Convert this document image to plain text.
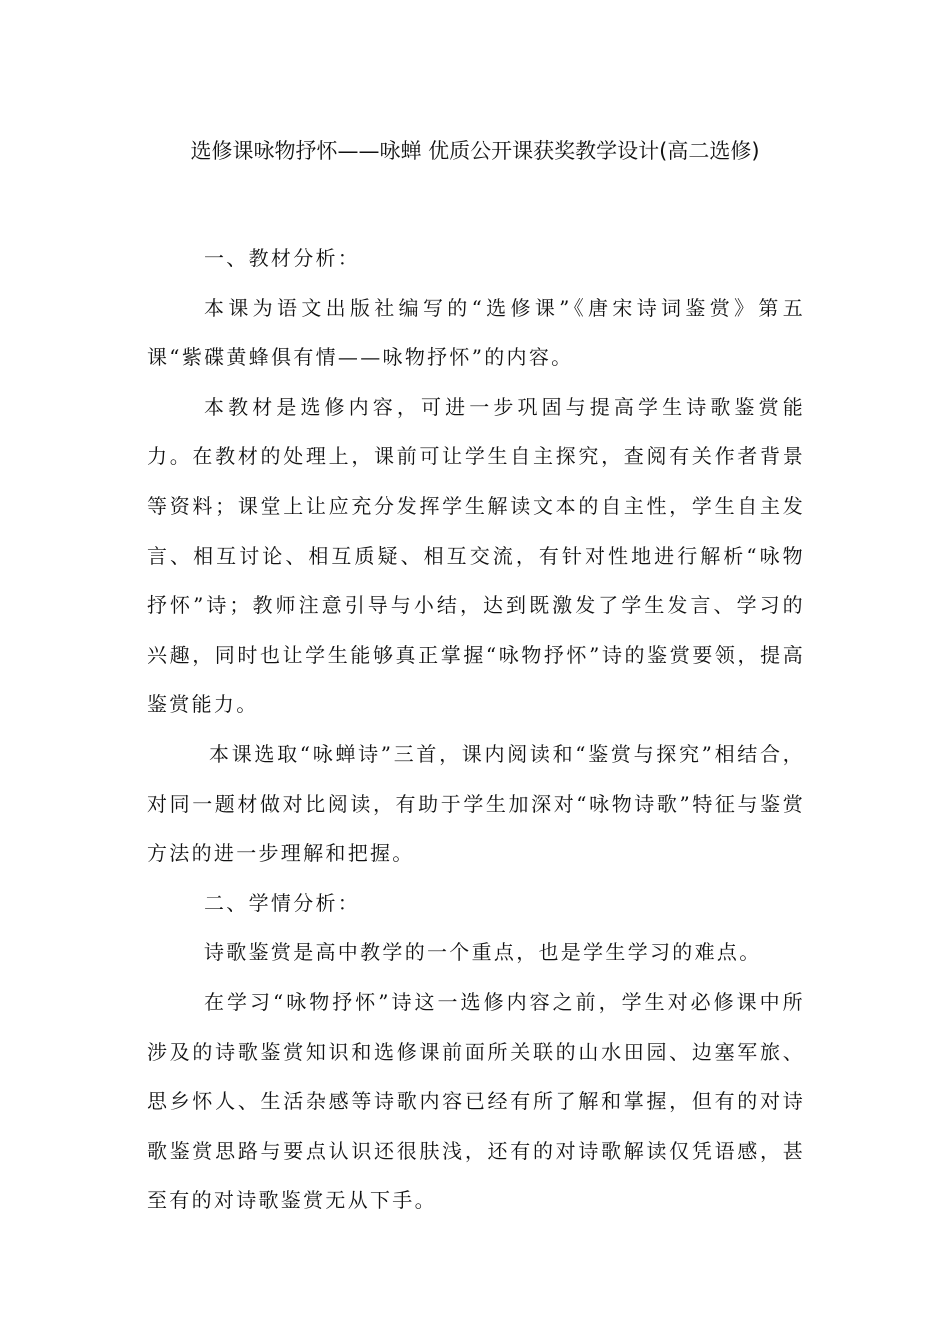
选修课咏物抒怀——咏蝉 优质公开课获奖教学设计(高二选修)

一、教材分析：

本课为语文出版社编写的“选修课”《唐宋诗词鉴赏》第五课“紫碟黄蜂俱有情——咏物抒怀”的内容。

本教材是选修内容，可进一步巩固与提高学生诗歌鉴赏能力。在教材的处理上，课前可让学生自主探究，查阅有关作者背景等资料；课堂上让应充分发挥学生解读文本的自主性，学生自主发言、相互讨论、相互质疑、相互交流，有针对性地进行解析“咏物抒怀”诗；教师注意引导与小结，达到既激发了学生发言、学习的兴趣，同时也让学生能够真正掌握“咏物抒怀”诗的鉴赏要领，提高鉴赏能力。

本课选取“咏蝉诗”三首，课内阅读和“鉴赏与探究”相结合，对同一题材做对比阅读，有助于学生加深对“咏物诗歌”特征与鉴赏方法的进一步理解和把握。

二、学情分析：

诗歌鉴赏是高中教学的一个重点，也是学生学习的难点。

在学习“咏物抒怀”诗这一选修内容之前，学生对必修课中所涉及的诗歌鉴赏知识和选修课前面所关联的山水田园、边塞军旅、思乡怀人、生活杂感等诗歌内容已经有所了解和掌握，但有的对诗歌鉴赏思路与要点认识还很肤浅，还有的对诗歌解读仅凭语感，甚至有的对诗歌鉴赏无从下手。
